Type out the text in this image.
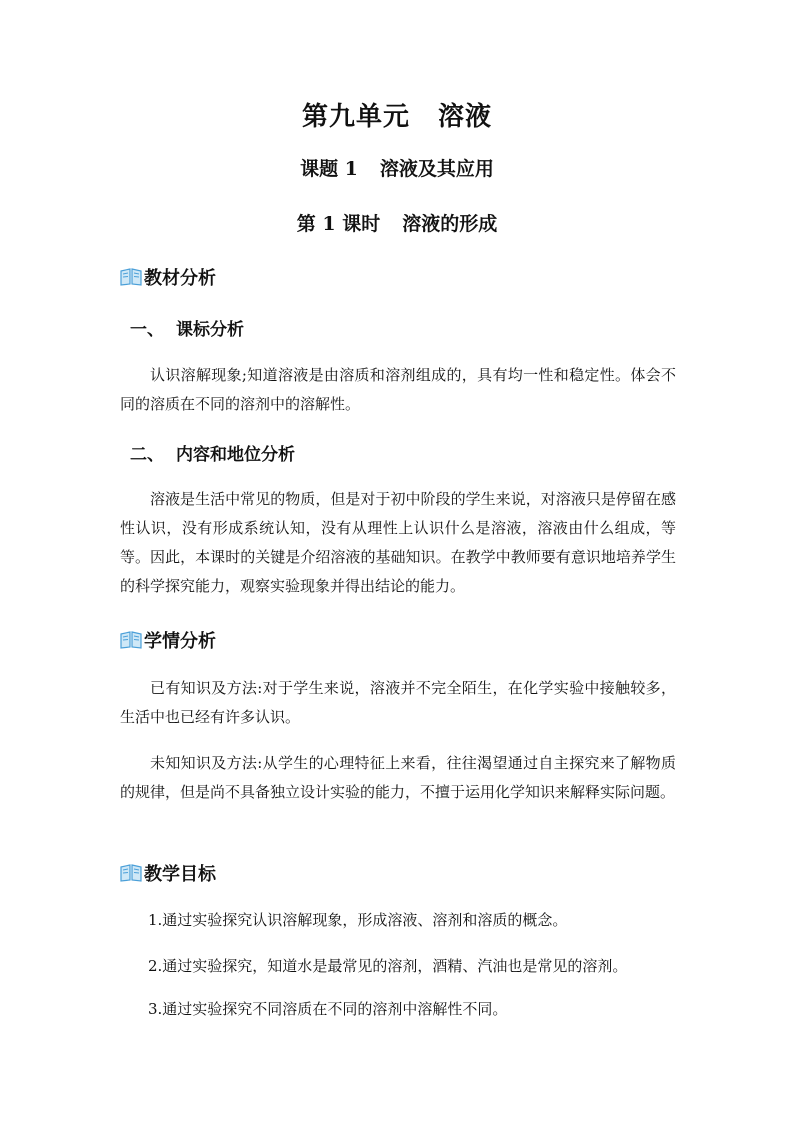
第九单元 溶液
课题 1 溶液及其应用
第 1 课时 溶液的形成
教材分析
一、 课标分析

认识溶解现象;知道溶液是由溶质和溶剂组成的，具有均一性和稳定性。体会不同的溶质在不同的溶剂中的溶解性。

二、 内容和地位分析

溶液是生活中常见的物质，但是对于初中阶段的学生来说，对溶液只是停留在感性认识，没有形成系统认知，没有从理性上认识什么是溶液，溶液由什么组成，等等。因此，本课时的关键是介绍溶液的基础知识。在教学中教师要有意识地培养学生的科学探究能力，观察实验现象并得出结论的能力。

学情分析

已有知识及方法:对于学生来说，溶液并不完全陌生，在化学实验中接触较多，生活中也已经有许多认识。

未知知识及方法:从学生的心理特征上来看，往往渴望通过自主探究来了解物质的规律，但是尚不具备独立设计实验的能力，不擅于运用化学知识来解释实际问题。

教学目标

1.通过实验探究认识溶解现象，形成溶液、溶剂和溶质的概念。

2.通过实验探究，知道水是最常见的溶剂，酒精、汽油也是常见的溶剂。

3.通过实验探究不同溶质在不同的溶剂中溶解性不同。
